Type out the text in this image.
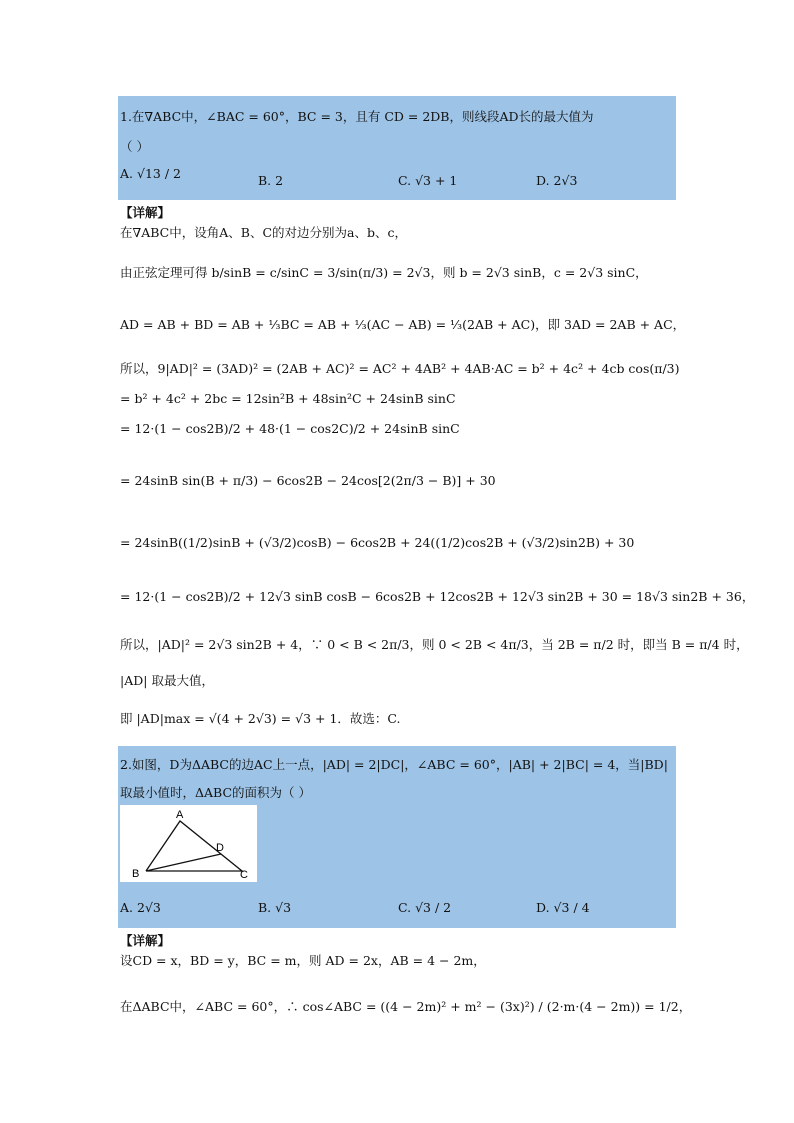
1.在∇ABC中，∠BAC = 60°，BC = 3，且有 CD = 2DB，则线段AD长的最大值为
（ ）
A. √13 / 2	B. 2	C. √3 + 1	D. 2√3
【详解】
在∇ABC中，设角A、B、C的对边分别为a、b、c，
由正弦定理可得 b/sinB = c/sinC = 3/sin(π/3) = 2√3，则 b = 2√3 sinB，c = 2√3 sinC，
AD = AB + BD = AB + ⅓BC = AB + ⅓(AC − AB) = ⅓(2AB + AC)，即 3AD = 2AB + AC，
所以，9|AD|² = (3AD)² = (2AB + AC)² = AC² + 4AB² + 4AB·AC = b² + 4c² + 4cb cos(π/3)
= b² + 4c² + 2bc = 12sin²B + 48sin²C + 24sinB sinC
= 12·(1 − cos2B)/2 + 48·(1 − cos2C)/2 + 24sinB sinC
= 24sinB sin(B + π/3) − 6cos2B − 24cos[2(2π/3 − B)] + 30
= 24sinB((1/2)sinB + (√3/2)cosB) − 6cos2B + 24((1/2)cos2B + (√3/2)sin2B) + 30
= 12·(1 − cos2B)/2 + 12√3 sinB cosB − 6cos2B + 12cos2B + 12√3 sin2B + 30 = 18√3 sin2B + 36，
所以，|AD|² = 2√3 sin2B + 4，∵ 0 < B < 2π/3，则 0 < 2B < 4π/3，当 2B = π/2 时，即当 B = π/4 时，
|AD| 取最大值，
即 |AD|max = √(4 + 2√3) = √3 + 1．故选：C.
2.如图，D为ΔABC的边AC上一点，|AD| = 2|DC|，∠ABC = 60°，|AB| + 2|BC| = 4，当|BD|
取最小值时，ΔABC的面积为（ ）
A
B	C
D
A. 2√3	B. √3	C. √3 / 2	D. √3 / 4
【详解】
设CD = x，BD = y，BC = m，则 AD = 2x，AB = 4 − 2m，
在ΔABC中，∠ABC = 60°，∴ cos∠ABC = ((4 − 2m)² + m² − (3x)²) / (2·m·(4 − 2m)) = 1/2，
